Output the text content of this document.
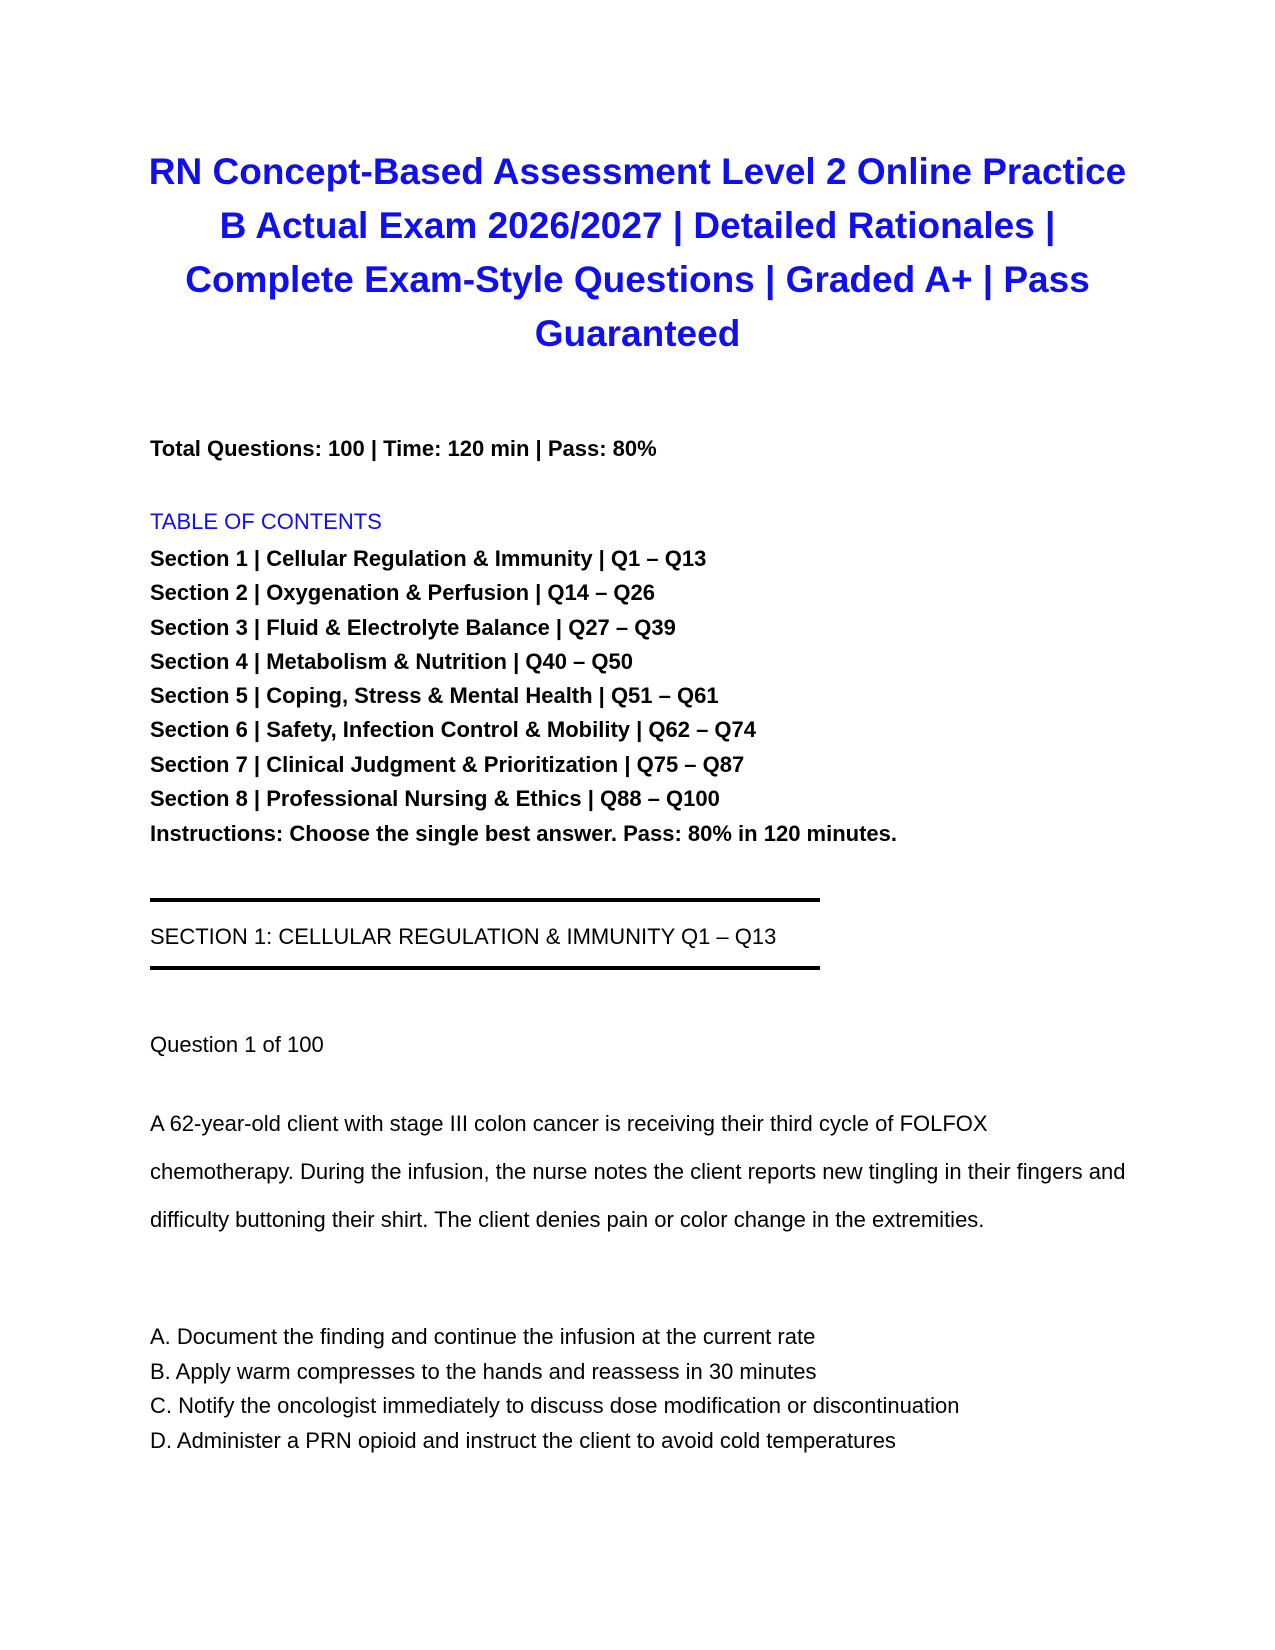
RN Concept-Based Assessment Level 2 Online Practice B Actual Exam 2026/2027 | Detailed Rationales | Complete Exam-Style Questions | Graded A+ | Pass Guaranteed

Total Questions: 100 | Time: 120 min | Pass: 80%

TABLE OF CONTENTS

Section 1 | Cellular Regulation & Immunity | Q1 – Q13
Section 2 | Oxygenation & Perfusion | Q14 – Q26
Section 3 | Fluid & Electrolyte Balance | Q27 – Q39
Section 4 | Metabolism & Nutrition | Q40 – Q50
Section 5 | Coping, Stress & Mental Health | Q51 – Q61
Section 6 | Safety, Infection Control & Mobility | Q62 – Q74
Section 7 | Clinical Judgment & Prioritization | Q75 – Q87
Section 8 | Professional Nursing & Ethics | Q88 – Q100

Instructions: Choose the single best answer. Pass: 80% in 120 minutes.

SECTION 1: CELLULAR REGULATION & IMMUNITY Q1 – Q13

Question 1 of 100

A 62-year-old client with stage III colon cancer is receiving their third cycle of FOLFOX chemotherapy. During the infusion, the nurse notes the client reports new tingling in their fingers and difficulty buttoning their shirt. The client denies pain or color change in the extremities.

A. Document the finding and continue the infusion at the current rate
B. Apply warm compresses to the hands and reassess in 30 minutes
C. Notify the oncologist immediately to discuss dose modification or discontinuation
D. Administer a PRN opioid and instruct the client to avoid cold temperatures
